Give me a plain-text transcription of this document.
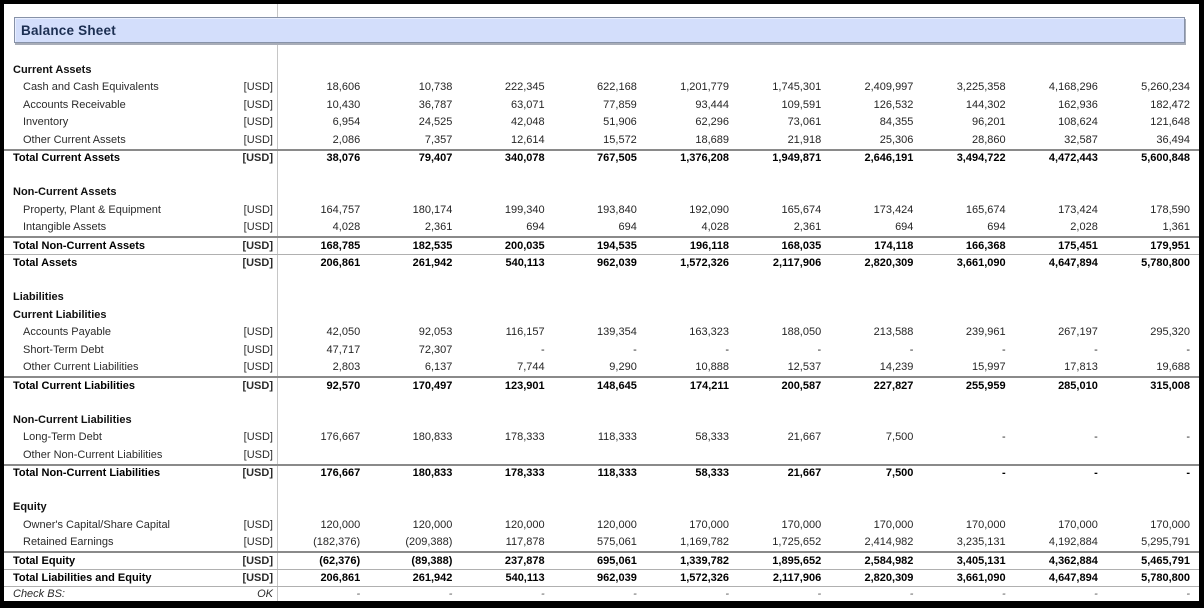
Balance Sheet
Current Assets
Cash and Cash Equivalents	[USD]	18,606	10,738	222,345	622,168	1,201,779	1,745,301	2,409,997	3,225,358	4,168,296	5,260,234
Accounts Receivable	[USD]	10,430	36,787	63,071	77,859	93,444	109,591	126,532	144,302	162,936	182,472
Inventory	[USD]	6,954	24,525	42,048	51,906	62,296	73,061	84,355	96,201	108,624	121,648
Other Current Assets	[USD]	2,086	7,357	12,614	15,572	18,689	21,918	25,306	28,860	32,587	36,494
Total Current Assets	[USD]	38,076	79,407	340,078	767,505	1,376,208	1,949,871	2,646,191	3,494,722	4,472,443	5,600,848
Non-Current Assets
Property, Plant & Equipment	[USD]	164,757	180,174	199,340	193,840	192,090	165,674	173,424	165,674	173,424	178,590
Intangible Assets	[USD]	4,028	2,361	694	694	4,028	2,361	694	694	2,028	1,361
Total Non-Current Assets	[USD]	168,785	182,535	200,035	194,535	196,118	168,035	174,118	166,368	175,451	179,951
Total Assets	[USD]	206,861	261,942	540,113	962,039	1,572,326	2,117,906	2,820,309	3,661,090	4,647,894	5,780,800
Liabilities
Current Liabilities
Accounts Payable	[USD]	42,050	92,053	116,157	139,354	163,323	188,050	213,588	239,961	267,197	295,320
Short-Term Debt	[USD]	47,717	72,307	-	-	-	-	-	-	-	-
Other Current Liabilities	[USD]	2,803	6,137	7,744	9,290	10,888	12,537	14,239	15,997	17,813	19,688
Total Current Liabilities	[USD]	92,570	170,497	123,901	148,645	174,211	200,587	227,827	255,959	285,010	315,008
Non-Current Liabilities
Long-Term Debt	[USD]	176,667	180,833	178,333	118,333	58,333	21,667	7,500	-	-	-
Other Non-Current Liabilities	[USD]
Total Non-Current Liabilities	[USD]	176,667	180,833	178,333	118,333	58,333	21,667	7,500	-	-	-
Equity
Owner's Capital/Share Capital	[USD]	120,000	120,000	120,000	120,000	170,000	170,000	170,000	170,000	170,000	170,000
Retained Earnings	[USD]	(182,376)	(209,388)	117,878	575,061	1,169,782	1,725,652	2,414,982	3,235,131	4,192,884	5,295,791
Total Equity	[USD]	(62,376)	(89,388)	237,878	695,061	1,339,782	1,895,652	2,584,982	3,405,131	4,362,884	5,465,791
Total Liabilities and Equity	[USD]	206,861	261,942	540,113	962,039	1,572,326	2,117,906	2,820,309	3,661,090	4,647,894	5,780,800
Check BS:	OK	-	-	-	-	-	-	-	-	-	-
